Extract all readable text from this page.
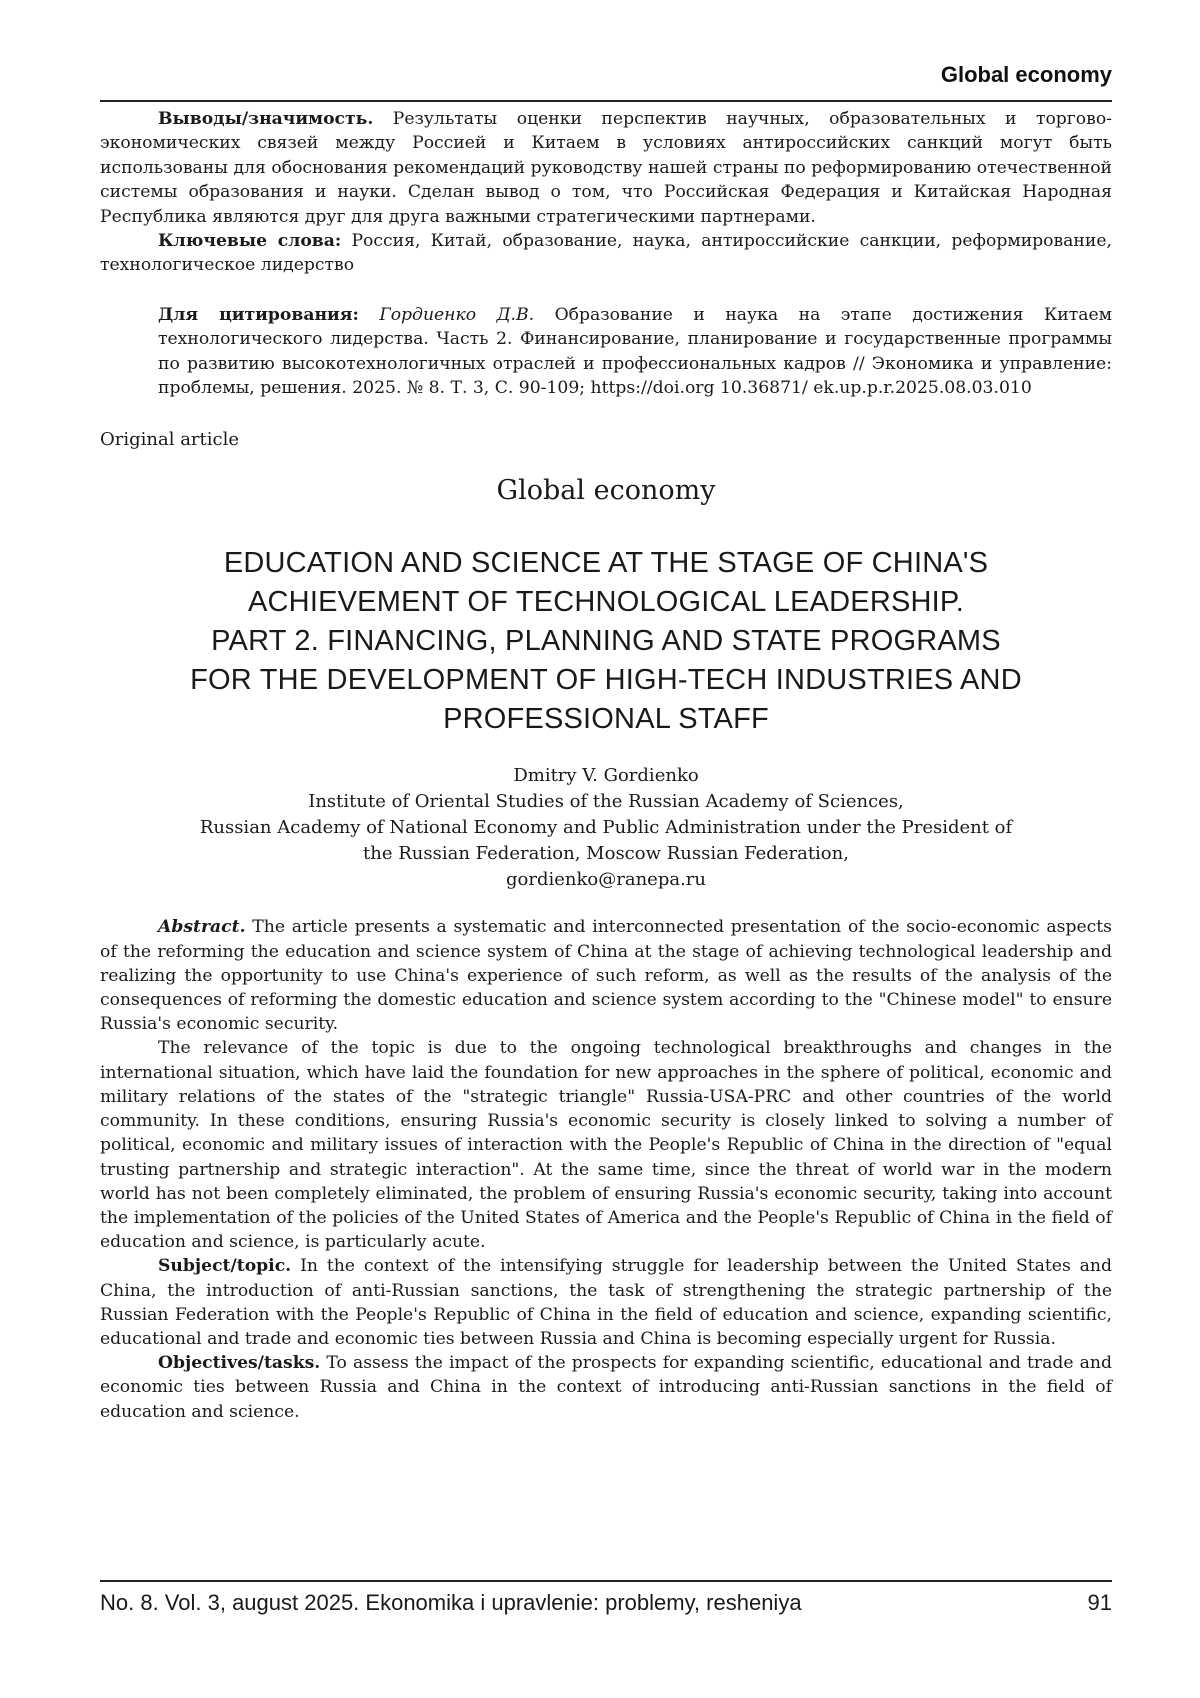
Global economy

Выводы/значимость. Результаты оценки перспектив научных, образовательных и торгово-экономических связей между Россией и Китаем в условиях антироссийских санкций могут быть использованы для обоснования рекомендаций руководству нашей страны по реформированию отечественной системы образования и науки. Сделан вывод о том, что Российская Федерация и Китайская Народная Республика являются друг для друга важными стратегическими партнерами.

Ключевые слова: Россия, Китай, образование, наука, антироссийские санкции, реформирование, технологическое лидерство

Для цитирования: Гордиенко Д.В. Образование и наука на этапе достижения Китаем технологического лидерства. Часть 2. Финансирование, планирование и государственные программы по развитию высокотехнологичных отраслей и профессиональных кадров // Экономика и управление: проблемы, решения. 2025. № 8. Т. 3, С. 90-109; https://doi.org 10.36871/ ek.up.p.r.2025.08.03.010

Original article

Global economy

EDUCATION AND SCIENCE AT THE STAGE OF CHINA'S
ACHIEVEMENT OF TECHNOLOGICAL LEADERSHIP.
PART 2. FINANCING, PLANNING AND STATE PROGRAMS
FOR THE DEVELOPMENT OF HIGH-TECH INDUSTRIES AND
PROFESSIONAL STAFF
Dmitry V. Gordienko
Institute of Oriental Studies of the Russian Academy of Sciences,
Russian Academy of National Economy and Public Administration under the President of
the Russian Federation, Moscow Russian Federation,
gordienko@ranepa.ru

Abstract. The article presents a systematic and interconnected presentation of the socio-economic aspects of the reforming the education and science system of China at the stage of achieving technological leadership and realizing the opportunity to use China's experience of such reform, as well as the results of the analysis of the consequences of reforming the domestic education and science system according to the "Chinese model" to ensure Russia's economic security.

The relevance of the topic is due to the ongoing technological breakthroughs and changes in the international situation, which have laid the foundation for new approaches in the sphere of political, economic and military relations of the states of the "strategic triangle" Russia-USA-PRC and other countries of the world community. In these conditions, ensuring Russia's economic security is closely linked to solving a number of political, economic and military issues of interaction with the People's Republic of China in the direction of "equal trusting partnership and strategic interaction". At the same time, since the threat of world war in the modern world has not been completely eliminated, the problem of ensuring Russia's economic security, taking into account the implementation of the policies of the United States of America and the People's Republic of China in the field of education and science, is particularly acute.

Subject/topic. In the context of the intensifying struggle for leadership between the United States and China, the introduction of anti-Russian sanctions, the task of strengthening the strategic partnership of the Russian Federation with the People's Republic of China in the field of education and science, expanding scientific, educational and trade and economic ties between Russia and China is becoming especially urgent for Russia.

Objectives/tasks. To assess the impact of the prospects for expanding scientific, educational and trade and economic ties between Russia and China in the context of introducing anti-Russian sanctions in the field of education and science.

No. 8. Vol. 3, august 2025. Ekonomika i upravlenie: problemy, resheniya	91
